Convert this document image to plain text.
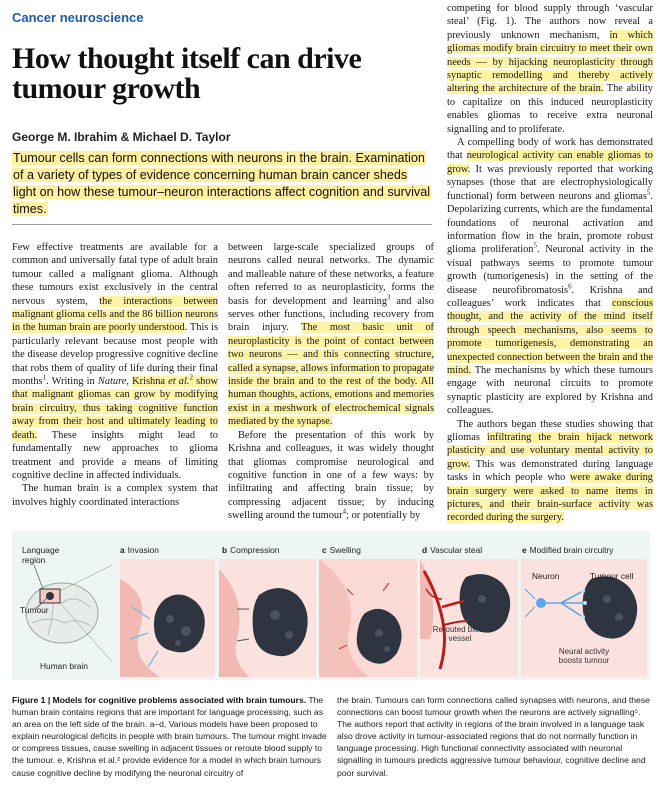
Cancer neuroscience
How thought itself can drive tumour growth
George M. Ibrahim & Michael D. Taylor
Tumour cells can form connections with neurons in the brain. Examination of a variety of types of evidence concerning human brain cancer sheds light on how these tumour–neuron interactions affect cognition and survival times.

Few effective treatments are available for a common and universally fatal type of adult brain tumour called a malignant glioma. Although these tumours exist exclusively in the central nervous system, the interactions between malignant glioma cells and the 86 billion neurons in the human brain are poorly understood. This is particularly relevant because most people with the disease develop progressive cognitive decline that robs them of quality of life during their final months$^1$. Writing in Nature, Krishna et al.$^2$ show that malignant gliomas can grow by modifying brain circuitry, thus taking cognitive function away from their host and ultimately leading to death. These insights might lead to fundamentally new approaches to glioma treatment and provide a means of limiting cognitive decline in affected individuals.

The human brain is a complex system that involves highly coordinated interactions

between large-scale specialized groups of neurons called neural networks. The dynamic and malleable nature of these networks, a feature often referred to as neuroplasticity, forms the basis for development and learning$^3$ and also serves other functions, including recovery from brain injury. The most basic unit of neuroplasticity is the point of contact between two neurons — and this connecting structure, called a synapse, allows information to propagate inside the brain and to the rest of the body. All human thoughts, actions, emotions and memories exist in a meshwork of electrochemical signals mediated by the synapse.

Before the presentation of this work by Krishna and colleagues, it was widely thought that gliomas compromise neurological and cognitive function in one of a few ways: by infiltrating and affecting brain tissue; by compressing adjacent tissue; by inducing swelling around the tumour$^4$; or potentially by

competing for blood supply through ‘vascular steal’ (Fig. 1). The authors now reveal a previously unknown mechanism, in which gliomas modify brain circuitry to meet their own needs — by hijacking neuroplasticity through synaptic remodelling and thereby actively altering the architecture of the brain. The ability to capitalize on this induced neuroplasticity enables gliomas to receive extra neuronal signalling and to proliferate.

A compelling body of work has demonstrated that neurological activity can enable gliomas to grow. It was previously reported that working synapses (those that are electrophysiologically functional) form between neurons and gliomas$^5$. Depolarizing currents, which are the fundamental foundations of neuronal activation and information flow in the brain, promote robust glioma proliferation$^5$. Neuronal activity in the visual pathways seems to promote tumour growth (tumorigenesis) in the setting of the disease neurofibromatosis$^6$. Krishna and colleagues’ work indicates that conscious thought, and the activity of the mind itself through speech mechanisms, also seems to promote tumorigenesis, demonstrating an unexpected connection between the brain and the mind. The mechanisms by which these tumours engage with neuronal circuits to promote synaptic plasticity are explored by Krishna and colleagues.

The authors began these studies showing that gliomas infiltrating the brain hijack network plasticity and use voluntary mental activity to grow. This was demonstrated during language tasks in which people who were awake during brain surgery were asked to name items in pictures, and their brain-surface activity was recorded during the surgery.

Language region
Tumour
Human brain
a Invasion	b Compression	c Swelling	d Vascular steal
Rerouted blood vessel
e Modified brain circuitry
Neuron	Tumour cell
Neural activity boosts tumour
Figure 1 | Models for cognitive problems associated with brain tumours. The human brain contains regions that are important for language processing, such as an area on the left side of the brain. a–d, Various models have been proposed to explain neurological deficits in people with brain tumours. The tumour might invade or compress tissues, cause swelling in adjacent tissues or reroute blood supply to the tumour. e, Krishna et al.² provide evidence for a model in which brain tumours cause cognitive decline by modifying the neuronal circuitry of
the brain. Tumours can form connections called synapses with neurons, and these connections can boost tumour growth when the neurons are actively signalling⁵. The authors report that activity in regions of the brain involved in a language task also drove activity in tumour-associated regions that do not normally function in language processing. High functional connectivity associated with neuronal signalling in tumours predicts aggressive tumour behaviour, cognitive decline and poor survival.
